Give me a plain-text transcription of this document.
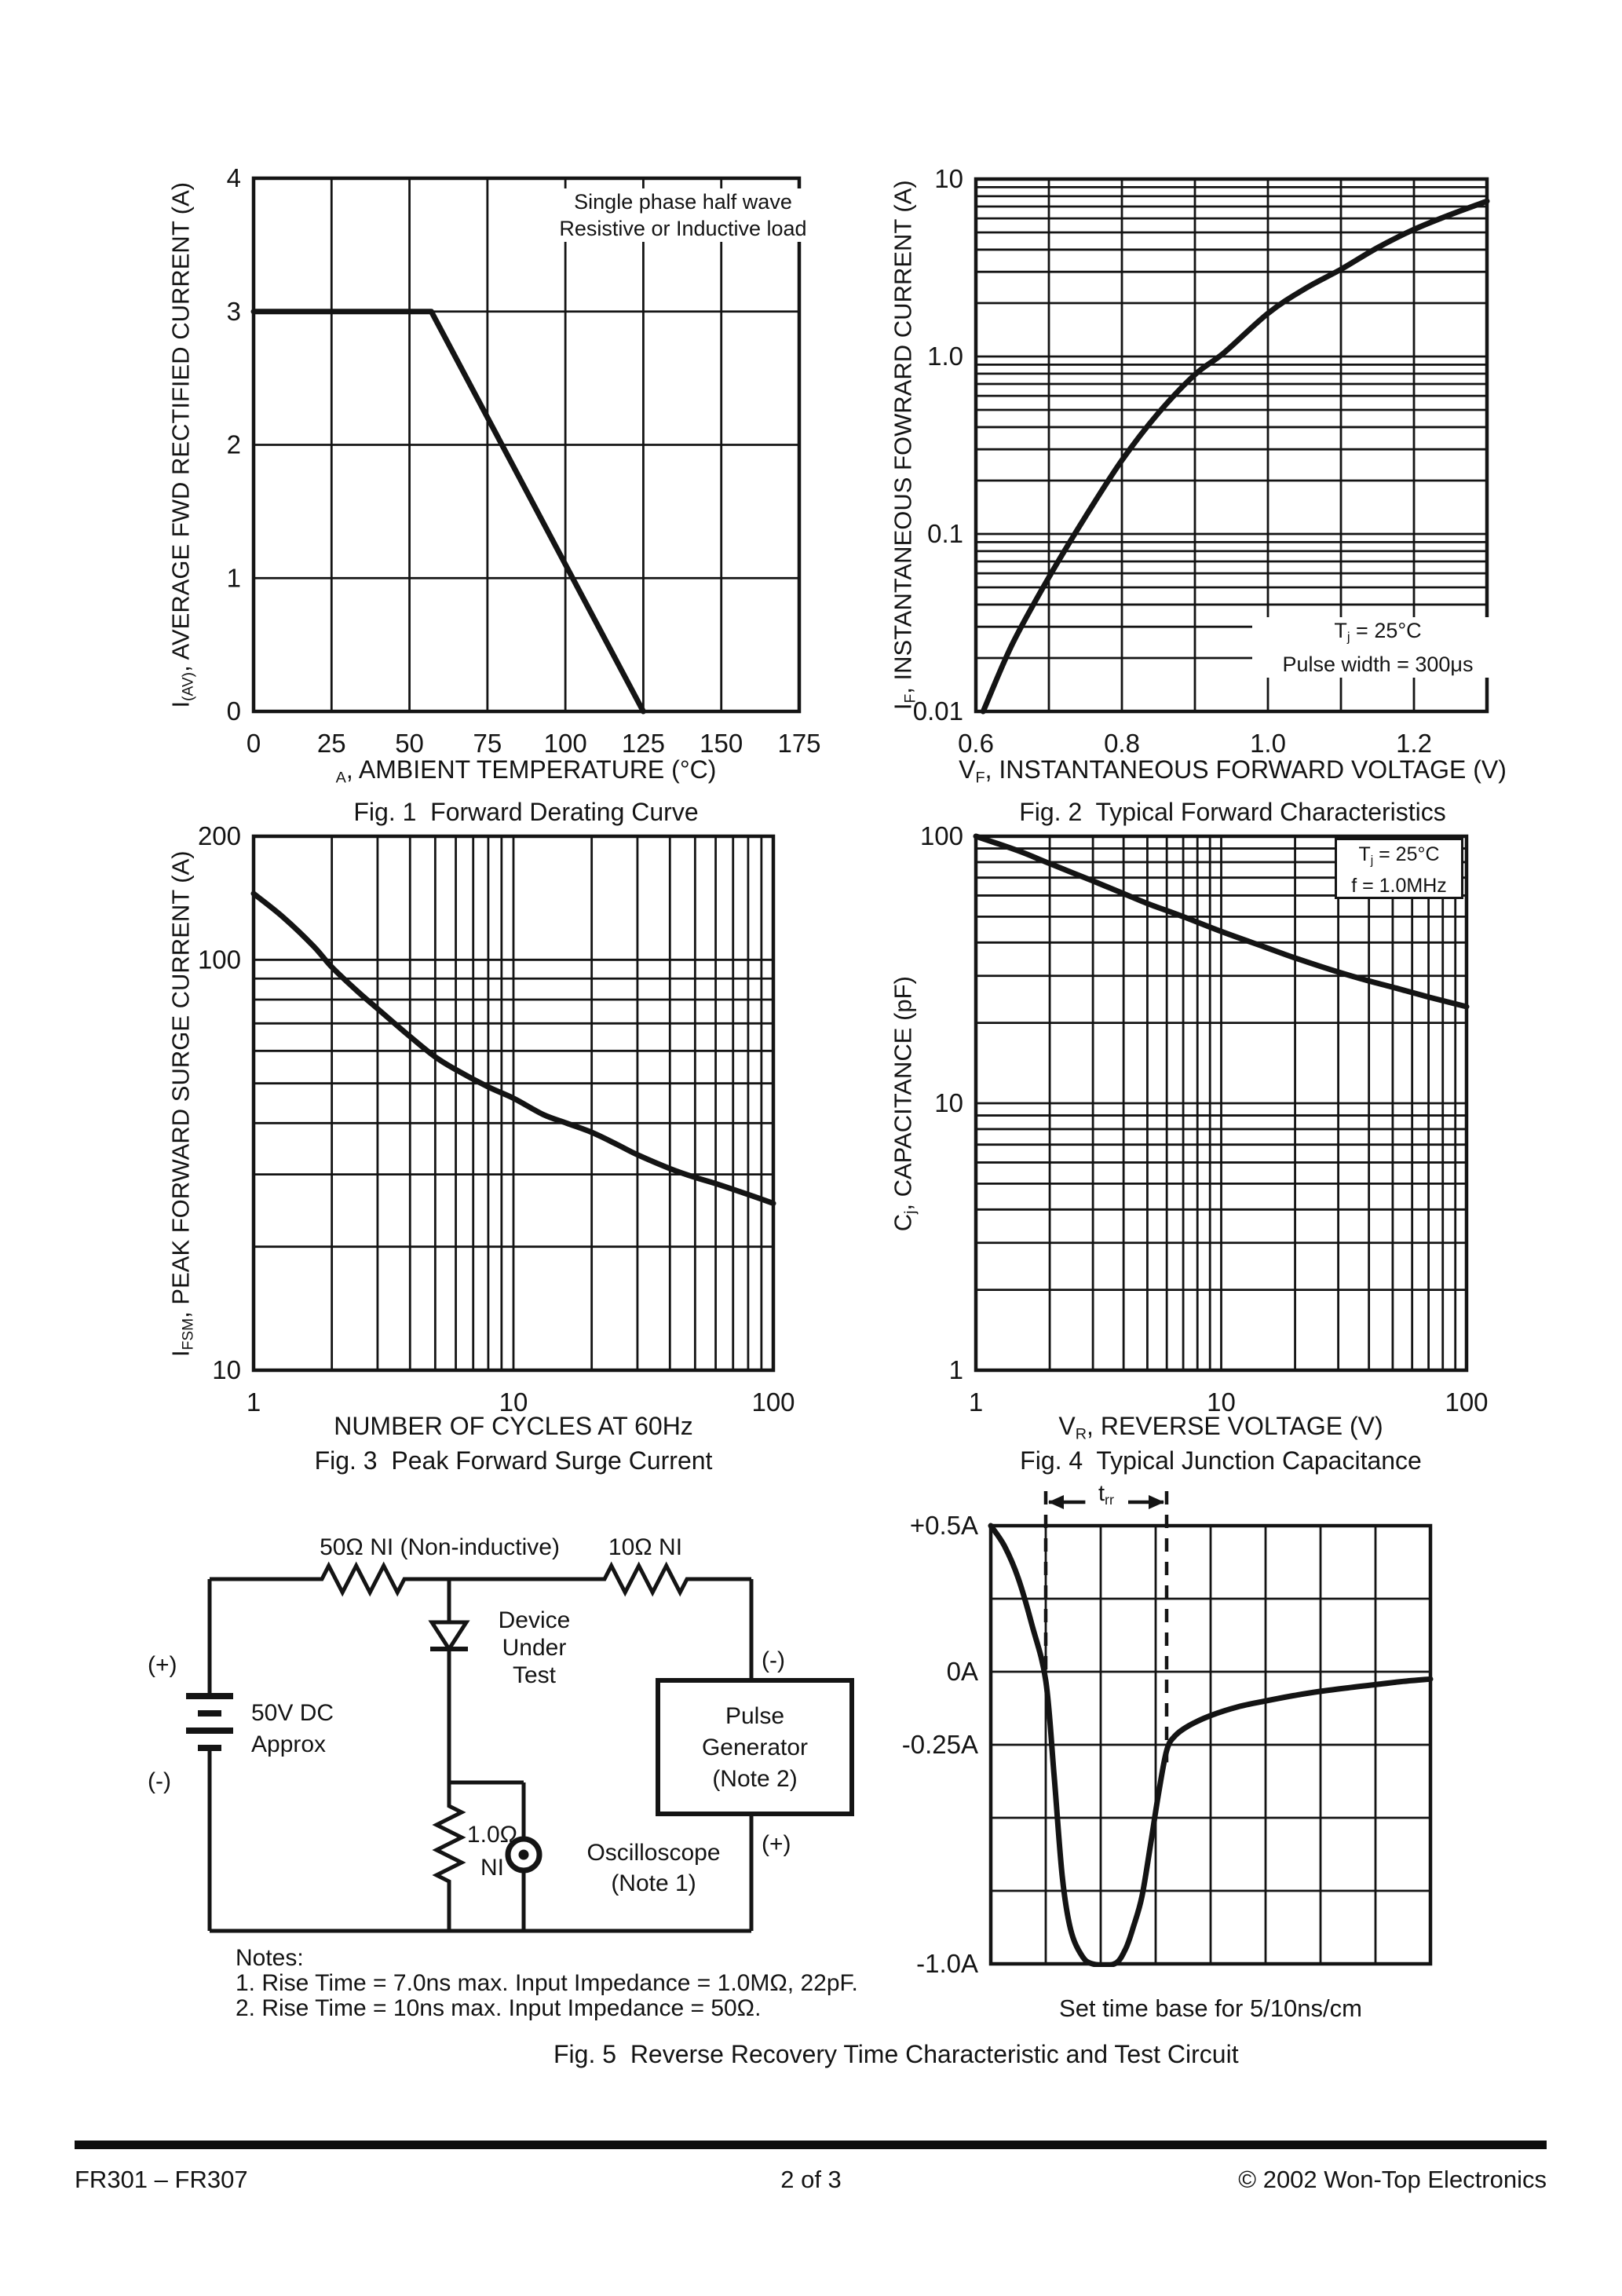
$I_{(AV)}$, AVERAGE FWD RECTIFIED CURRENT (A)
0 25 50 75 100 125 150 175
4
3
2
1
0
Single phase half wave
Resistive or Inductive load
$_A$, AMBIENT TEMPERATURE (°C)
Fig. 1  Forward Derating Curve
$I_F$, INSTANTANEOUS FOWRARD CURRENT (A)
0.6	0.8	1.0	1.2
10
1.0
0.1
0.01
$T_j = 25^\circ C$
Pulse width = 300μs
$V_F$, INSTANTANEOUS FORWARD VOLTAGE (V)
Fig. 2  Typical Forward Characteristics
$I_{FSM}$, PEAK FORWARD SURGE CURRENT (A)
1	10	100
200
100
10
NUMBER OF CYCLES AT 60Hz
Fig. 3  Peak Forward Surge Current
$C_j$, CAPACITANCE (pF)
1	10	100
100
10
1
$T_j = 25^\circ C$
f = 1.0MHz
$V_R$, REVERSE VOLTAGE (V)
Fig. 4  Typical Junction Capacitance
50Ω NI (Non-inductive)	10Ω NI
Device
Under
Test
(+)
(-)
50V DC
Approx
1.0Ω
NI
Oscilloscope
(Note 1)
Pulse
Generator
(Note 2)
(-)
(+)
+0.5A
0A
-0.25A
-1.0A
$t_{rr}$
Set time base for 5/10ns/cm
Notes:
1. Rise Time = 7.0ns max. Input Impedance = 1.0MΩ, 22pF.
2. Rise Time = 10ns max. Input Impedance = 50Ω.
Fig. 5  Reverse Recovery Time Characteristic and Test Circuit
FR301 – FR307	2 of 3	© 2002 Won-Top Electronics
